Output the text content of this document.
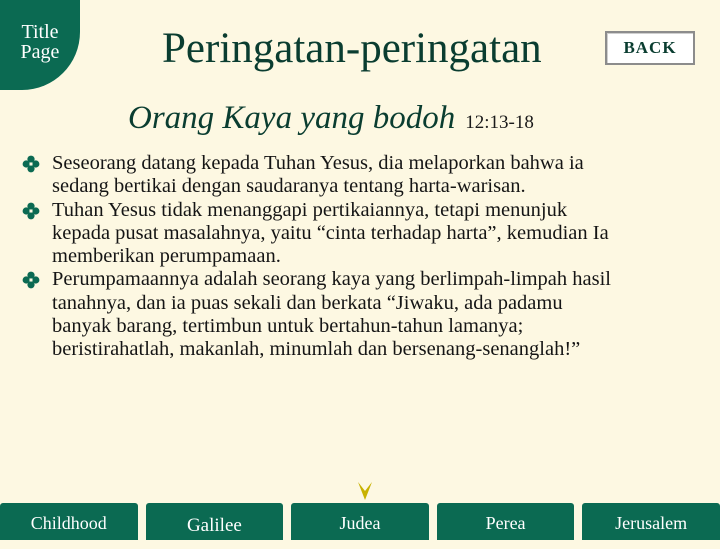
Title
Page	Peringatan-peringatan	BACK
Orang Kaya yang bodoh 12:13-18
Seseorang datang kepada Tuhan Yesus, dia melaporkan bahwa ia sedang bertikai dengan saudaranya tentang harta-warisan.
Tuhan Yesus tidak menanggapi pertikaiannya, tetapi menunjuk kepada pusat masalahnya, yaitu “cinta terhadap harta”, kemudian Ia memberikan perumpamaan.
Perumpamaannya adalah seorang kaya yang berlimpah-limpah hasil tanahnya, dan ia puas sekali dan berkata “Jiwaku, ada padamu banyak barang, tertimbun untuk bertahun-tahun lamanya; beristirahatlah, makanlah, minumlah dan bersenang-senanglah!”
Childhood	Galilee	Judea	Perea	Jerusalem
